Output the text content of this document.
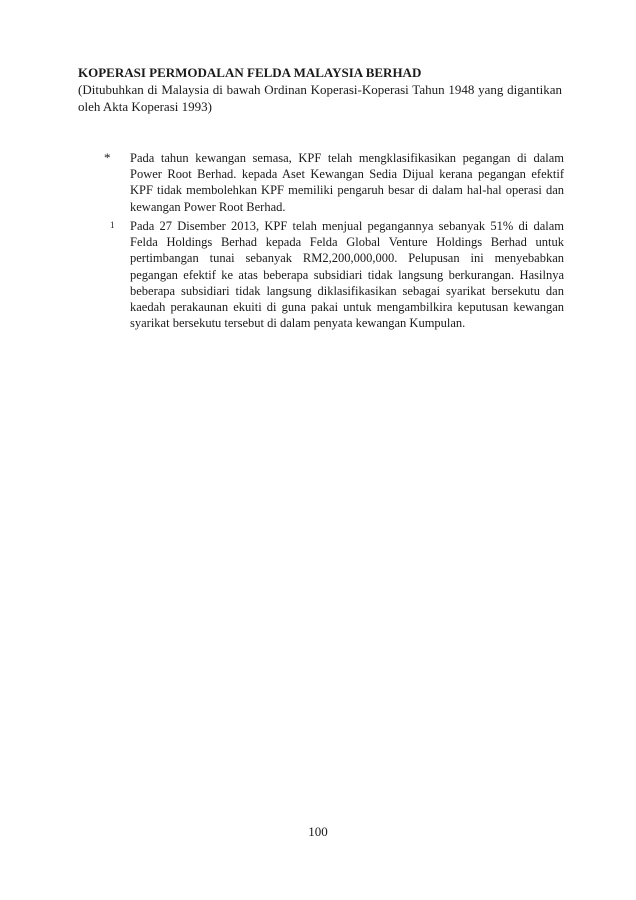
KOPERASI PERMODALAN FELDA MALAYSIA BERHAD

(Ditubuhkan di Malaysia di bawah Ordinan Koperasi-Koperasi Tahun 1948 yang digantikan oleh Akta Koperasi 1993)

*	Pada tahun kewangan semasa, KPF telah mengklasifikasikan pegangan di dalam Power Root Berhad. kepada Aset Kewangan Sedia Dijual kerana pegangan efektif KPF tidak membolehkan KPF memiliki pengaruh besar di dalam hal-hal operasi dan kewangan Power Root Berhad.
1	Pada 27 Disember 2013, KPF telah menjual pegangannya sebanyak 51% di dalam Felda Holdings Berhad kepada Felda Global Venture Holdings Berhad untuk pertimbangan tunai sebanyak RM2,200,000,000. Pelupusan ini menyebabkan pegangan efektif ke atas beberapa subsidiari tidak langsung berkurangan. Hasilnya beberapa subsidiari tidak langsung diklasifikasikan sebagai syarikat bersekutu dan kaedah perakaunan ekuiti di guna pakai untuk mengambilkira keputusan kewangan syarikat bersekutu tersebut di dalam penyata kewangan Kumpulan.
100
